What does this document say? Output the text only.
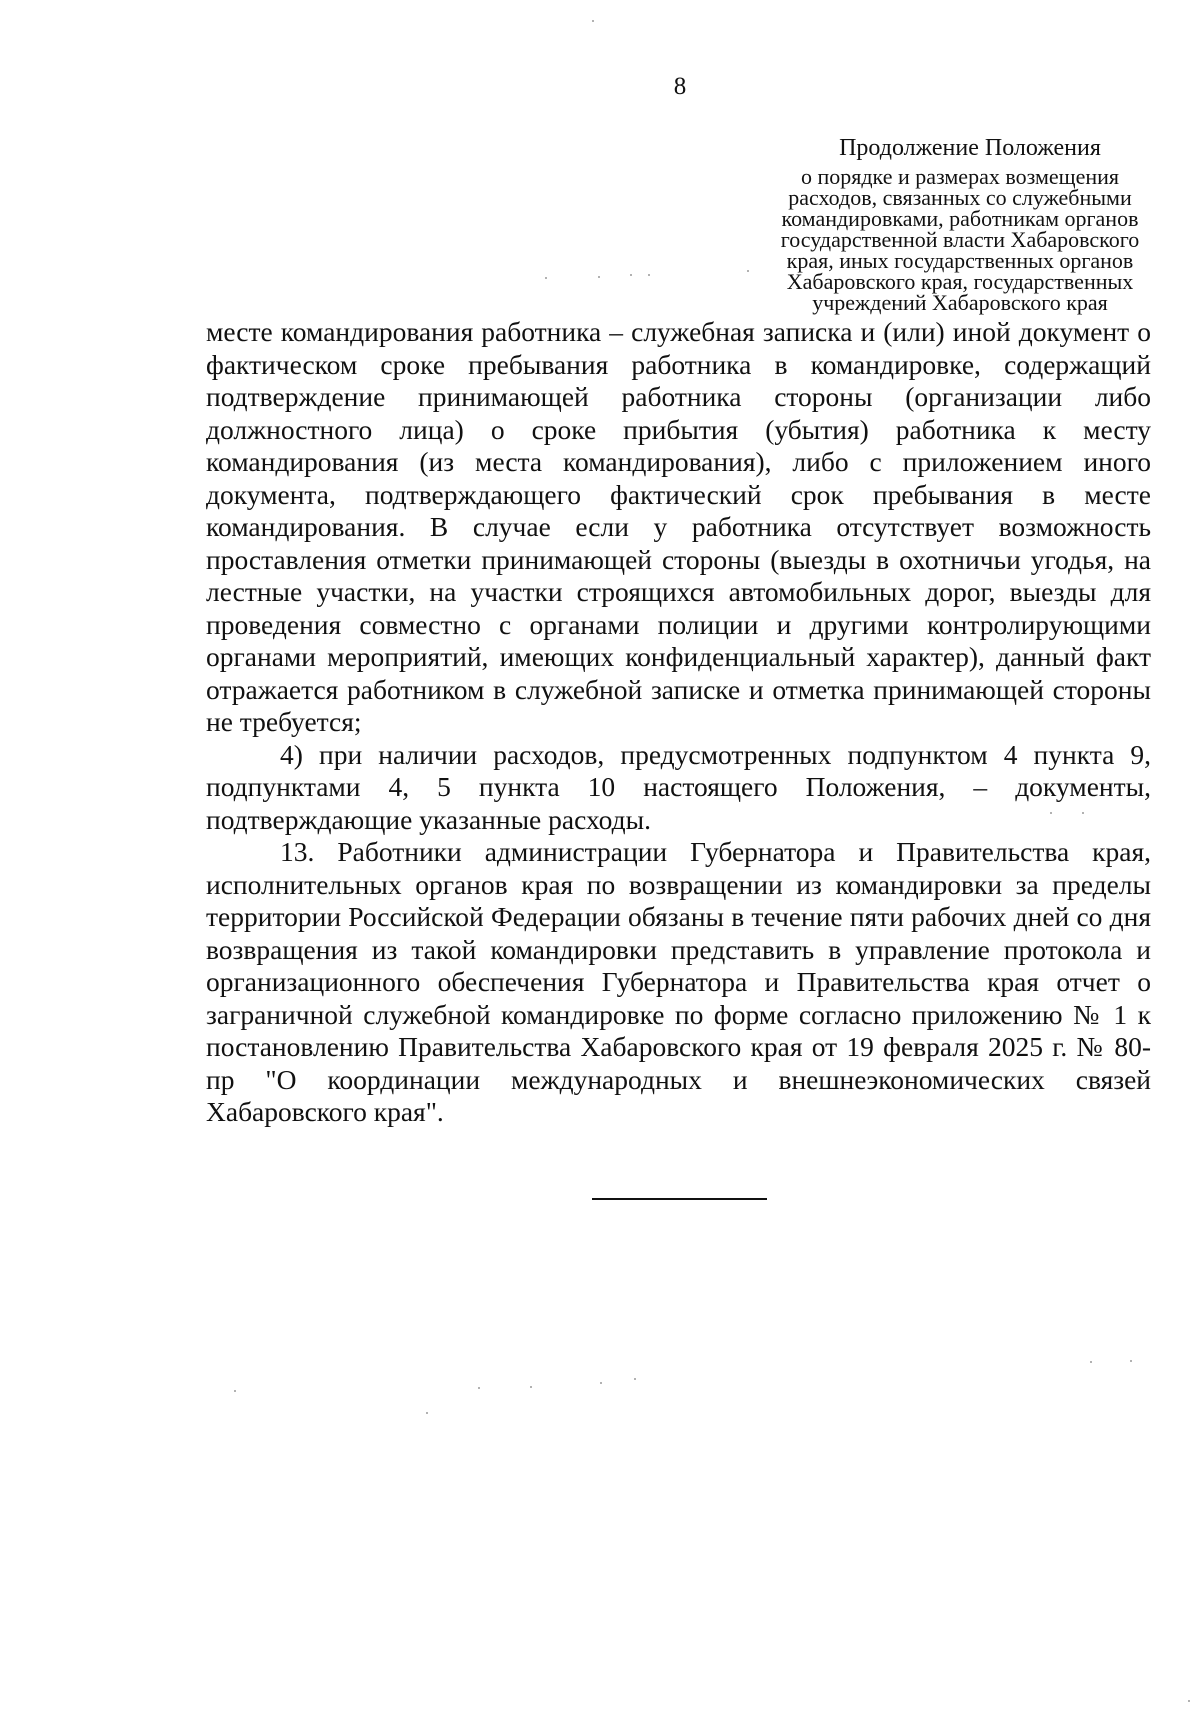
8

Продолжение Положения

о порядке и размерах возмещения

расходов, связанных со служебными

командировками, работникам органов

государственной власти Хабаровского

края, иных государственных органов

Хабаровского края, государственных

учреждений Хабаровского края

месте командирования работника – служебная записка и (или) иной документ о фактическом сроке пребывания работника в командировке, содержащий подтверждение принимающей работника стороны (организации либо должностного лица) о сроке прибытия (убытия) работника к месту командирования (из места командирования), либо с приложением иного документа, подтверждающего фактический срок пребывания в месте командирования. В случае если у работника отсутствует возможность проставления отметки принимающей стороны (выезды в охотничьи угодья, на лестные участки, на участки строящихся автомобильных дорог, выезды для проведения совместно с органами полиции и другими контролирующими органами мероприятий, имеющих конфиденциальный характер), данный факт отражается работником в служебной записке и отметка принимающей стороны не требуется;

4) при наличии расходов, предусмотренных подпунктом 4 пункта 9, подпунктами 4, 5 пункта 10 настоящего Положения, – документы, подтверждающие указанные расходы.

13. Работники администрации Губернатора и Правительства края, исполнительных органов края по возвращении из командировки за пределы территории Российской Федерации обязаны в течение пяти рабочих дней со дня возвращения из такой командировки представить в управление протокола и организационного обеспечения Губернатора и Правительства края отчет о заграничной служебной командировке по форме согласно приложению № 1 к постановлению Правительства Хабаровского края от 19 февраля 2025 г. № 80-пр "О координации международных и внешнеэкономических связей Хабаровского края".
